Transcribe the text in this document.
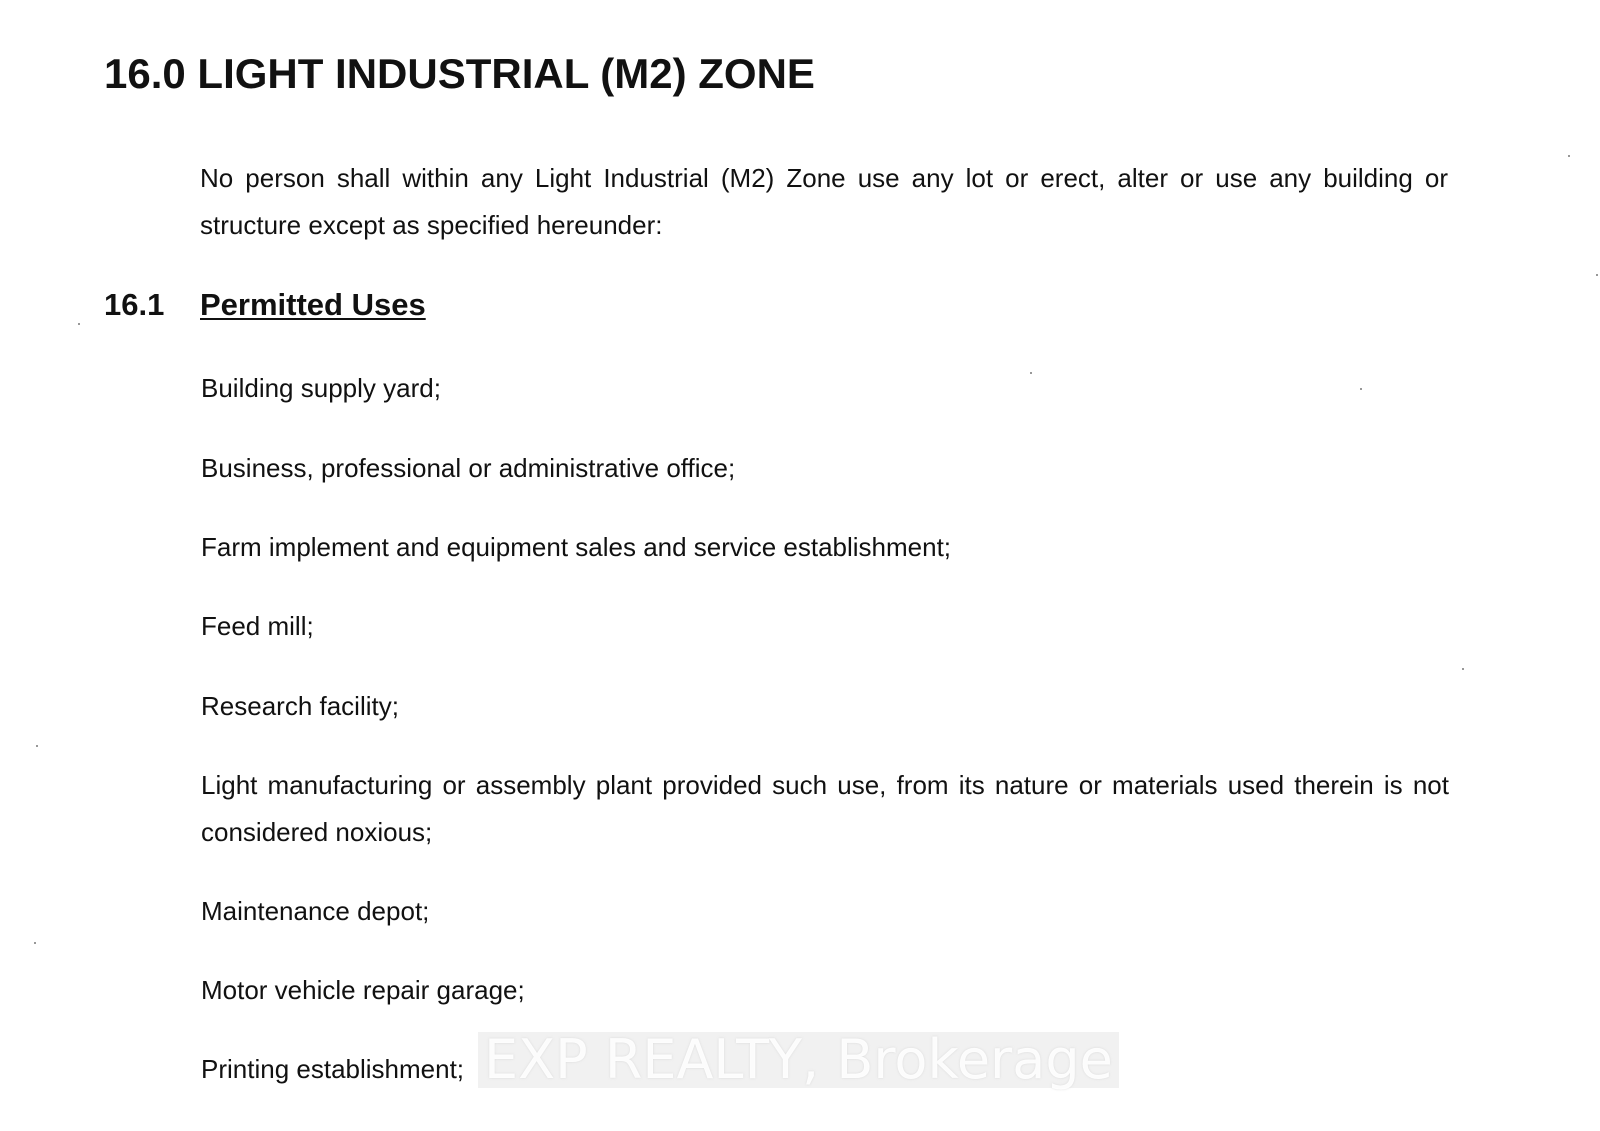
16.0 LIGHT INDUSTRIAL (M2) ZONE

No person shall within any Light Industrial (M2) Zone use any lot or erect, alter or use any building or structure except as specified hereunder:

16.1 Permitted Uses
Building supply yard;
Business, professional or administrative office;
Farm implement and equipment sales and service establishment;
Feed mill;
Research facility;
Light manufacturing or assembly plant provided such use, from its nature or materials used therein is not considered noxious;
Maintenance depot;
Motor vehicle repair garage;
Printing establishment; EXP REALTY, Brokerage
